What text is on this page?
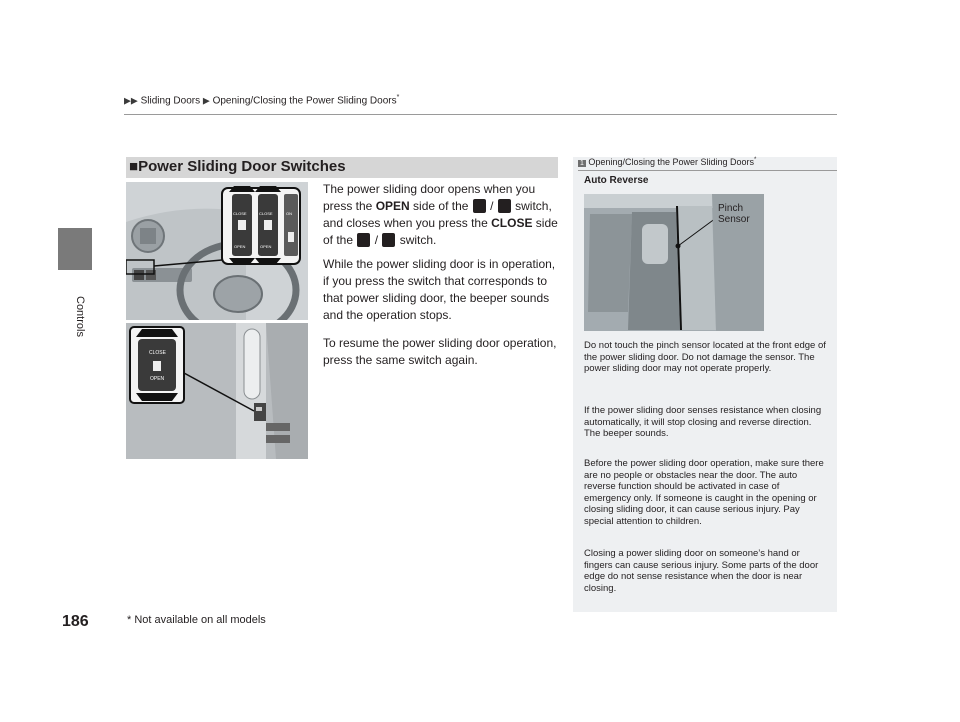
▶▶ Sliding Doors ▶ Opening/Closing the Power Sliding Doors*
Controls
186	* Not available on all models
■Power Sliding Door Switches
CLOSE	CLOSE
OPEN	OPEN
ON
CLOSE
OPEN

The power sliding door opens when you press the OPEN side of the  /  switch, and closes when you press the CLOSE side of the  /  switch.

While the power sliding door is in operation, if you press the switch that corresponds to that power sliding door, the beeper sounds and the operation stops.
To resume the power sliding door operation, press the same switch again.
1 Opening/Closing the Power Sliding Doors*
Auto Reverse
Pinch
Sensor

Do not touch the pinch sensor located at the front edge of the power sliding door. Do not damage the sensor. The power sliding door may not operate properly.

If the power sliding door senses resistance when closing automatically, it will stop closing and reverse direction. The beeper sounds.

Before the power sliding door operation, make sure there are no people or obstacles near the door. The auto reverse function should be activated in case of emergency only. If someone is caught in the opening or closing sliding door, it can cause serious injury. Pay special attention to children.

Closing a power sliding door on someone’s hand or fingers can cause serious injury. Some parts of the door edge do not sense resistance when the door is near closing.
